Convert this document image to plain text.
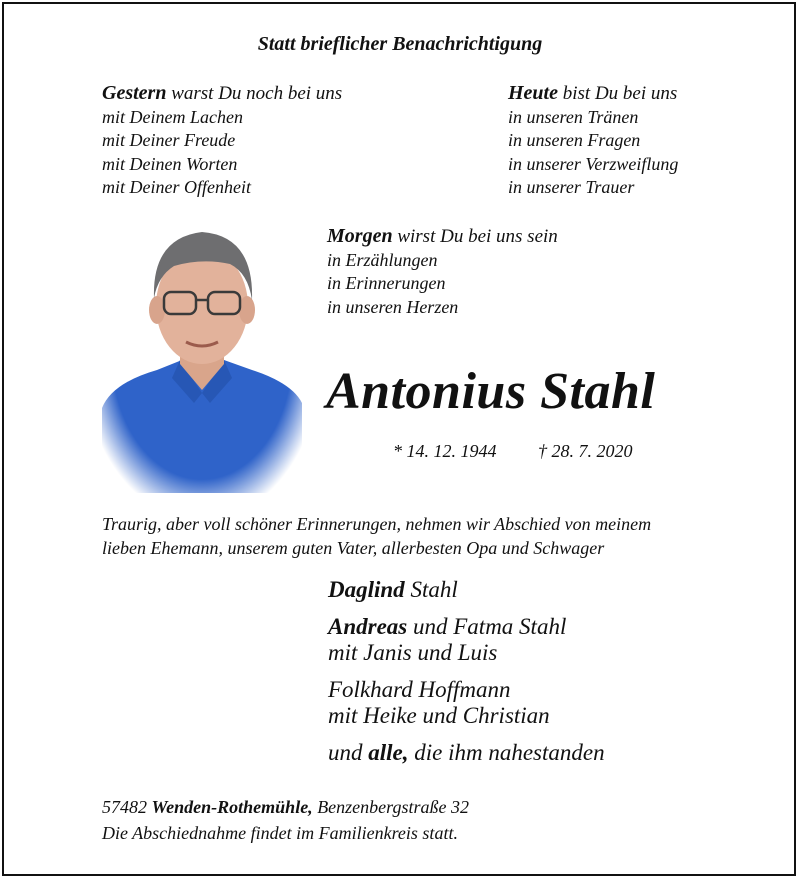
Statt brieflicher Benachrichtigung
Gestern warst Du noch bei uns
mit Deinem Lachen
mit Deiner Freude
mit Deinen Worten
mit Deiner Offenheit
Heute bist Du bei uns
in unseren Tränen
in unseren Fragen
in unserer Verzweiflung
in unserer Trauer
Morgen wirst Du bei uns sein
in Erzählungen
in Erinnerungen
in unseren Herzen
Antonius Stahl
* 14. 12. 1944 † 28. 7. 2020
Traurig, aber voll schöner Erinnerungen, nehmen wir Abschied von meinem
lieben Ehemann, unserem guten Vater, allerbesten Opa und Schwager
Daglind Stahl
Andreas und Fatma Stahl
mit Janis und Luis
Folkhard Hoffmann
mit Heike und Christian
und alle, die ihm nahestanden
57482 Wenden-Rothemühle, Benzenbergstraße 32
Die Abschiednahme findet im Familienkreis statt.
